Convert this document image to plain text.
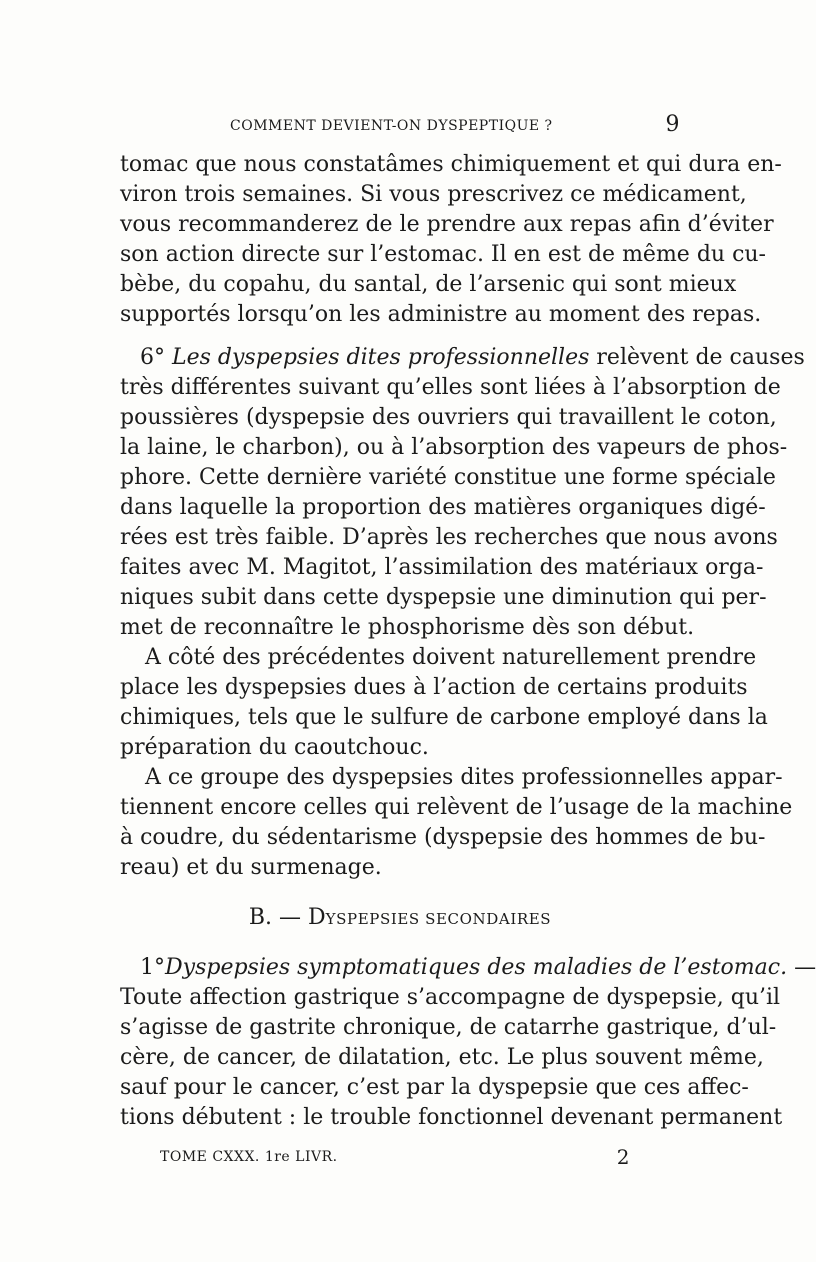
COMMENT DEVIENT-ON DYSPEPTIQUE ?	9
tomac que nous constatâmes chimiquement et qui dura en-
viron trois semaines. Si vous prescrivez ce médicament,
vous recommanderez de le prendre aux repas afin d’éviter
son action directe sur l’estomac. Il en est de même du cu-
bèbe, du copahu, du santal, de l’arsenic qui sont mieux
supportés lorsqu’on les administre au moment des repas.
6° Les dyspepsies dites professionnelles relèvent de causes
très différentes suivant qu’elles sont liées à l’absorption de
poussières (dyspepsie des ouvriers qui travaillent le coton,
la laine, le charbon), ou à l’absorption des vapeurs de phos-
phore. Cette dernière variété constitue une forme spéciale
dans laquelle la proportion des matières organiques digé-
rées est très faible. D’après les recherches que nous avons
faites avec M. Magitot, l’assimilation des matériaux orga-
niques subit dans cette dyspepsie une diminution qui per-
met de reconnaître le phosphorisme dès son début.
A côté des précédentes doivent naturellement prendre
place les dyspepsies dues à l’action de certains produits
chimiques, tels que le sulfure de carbone employé dans la
préparation du caoutchouc.
A ce groupe des dyspepsies dites professionnelles appar-
tiennent encore celles qui relèvent de l’usage de la machine
à coudre, du sédentarisme (dyspepsie des hommes de bu-
reau) et du surmenage.
B. — DYSPEPSIES SECONDAIRES
1°Dyspepsies symptomatiques des maladies de l’estomac. —
Toute affection gastrique s’accompagne de dyspepsie, qu’il
s’agisse de gastrite chronique, de catarrhe gastrique, d’ul-
cère, de cancer, de dilatation, etc. Le plus souvent même,
sauf pour le cancer, c’est par la dyspepsie que ces affec-
tions débutent : le trouble fonctionnel devenant permanent
TOME CXXX. 1re LIVR.	2
